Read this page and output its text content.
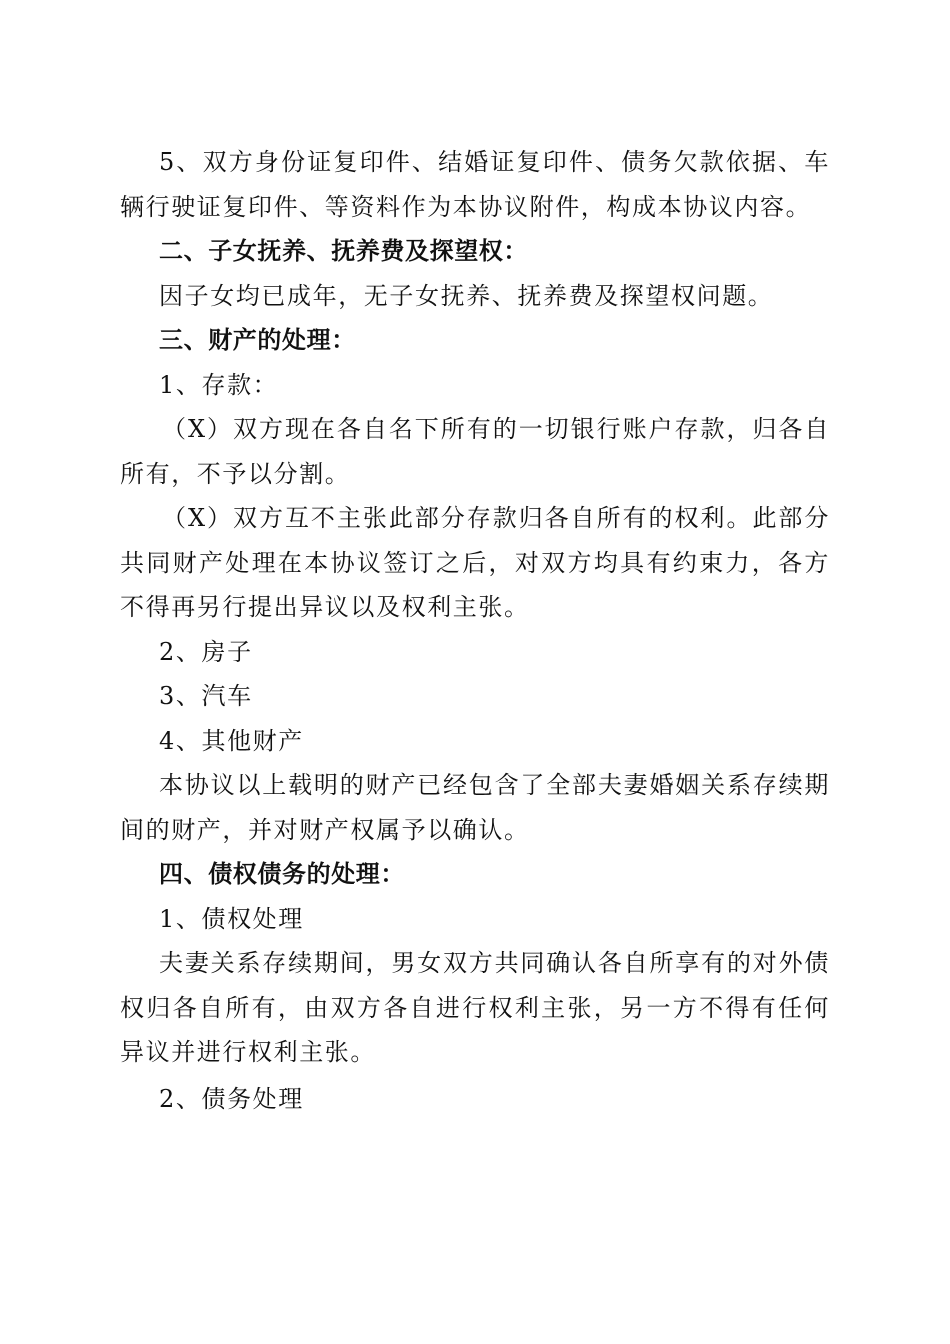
5、双方身份证复印件、结婚证复印件、债务欠款依据、车辆行驶证复印件、等资料作为本协议附件，构成本协议内容。

二、子女抚养、抚养费及探望权：

因子女均已成年，无子女抚养、抚养费及探望权问题。

三、财产的处理：

1、存款：

（X）双方现在各自名下所有的一切银行账户存款，归各自所有，不予以分割。

（X）双方互不主张此部分存款归各自所有的权利。此部分共同财产处理在本协议签订之后，对双方均具有约束力，各方不得再另行提出异议以及权利主张。

2、房子

3、汽车

4、其他财产

本协议以上载明的财产已经包含了全部夫妻婚姻关系存续期间的财产，并对财产权属予以确认。

四、债权债务的处理：

1、债权处理

夫妻关系存续期间，男女双方共同确认各自所享有的对外债权归各自所有，由双方各自进行权利主张，另一方不得有任何异议并进行权利主张。

2、债务处理
